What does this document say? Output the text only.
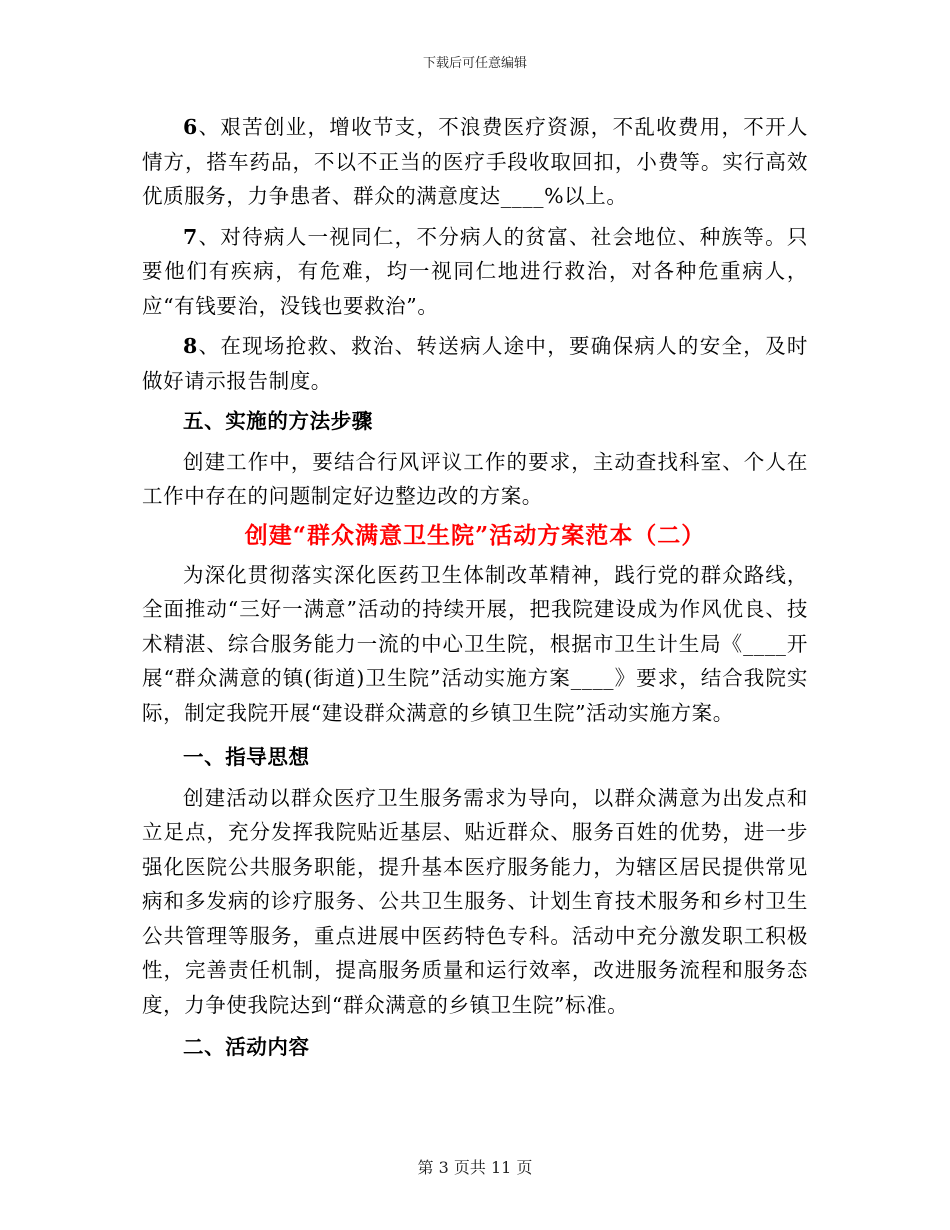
下载后可任意编辑

6、艰苦创业，增收节支，不浪费医疗资源，不乱收费用，不开人情方，搭车药品，不以不正当的医疗手段收取回扣，小费等。实行高效优质服务，力争患者、群众的满意度达____%以上。

7、对待病人一视同仁，不分病人的贫富、社会地位、种族等。只要他们有疾病，有危难，均一视同仁地进行救治，对各种危重病人，应“有钱要治，没钱也要救治”。

8、在现场抢救、救治、转送病人途中，要确保病人的安全，及时做好请示报告制度。

五、实施的方法步骤

创建工作中，要结合行风评议工作的要求，主动查找科室、个人在工作中存在的问题制定好边整边改的方案。

创建“群众满意卫生院”活动方案范本（二）

为深化贯彻落实深化医药卫生体制改革精神，践行党的群众路线，全面推动“三好一满意”活动的持续开展，把我院建设成为作风优良、技术精湛、综合服务能力一流的中心卫生院，根据市卫生计生局《____开展“群众满意的镇(街道)卫生院”活动实施方案____》要求，结合我院实际，制定我院开展“建设群众满意的乡镇卫生院”活动实施方案。

一、指导思想

创建活动以群众医疗卫生服务需求为导向，以群众满意为出发点和立足点，充分发挥我院贴近基层、贴近群众、服务百姓的优势，进一步强化医院公共服务职能，提升基本医疗服务能力，为辖区居民提供常见病和多发病的诊疗服务、公共卫生服务、计划生育技术服务和乡村卫生公共管理等服务，重点进展中医药特色专科。活动中充分激发职工积极性，完善责任机制，提高服务质量和运行效率，改进服务流程和服务态度，力争使我院达到“群众满意的乡镇卫生院”标准。

二、活动内容

第 3 页共 11 页
